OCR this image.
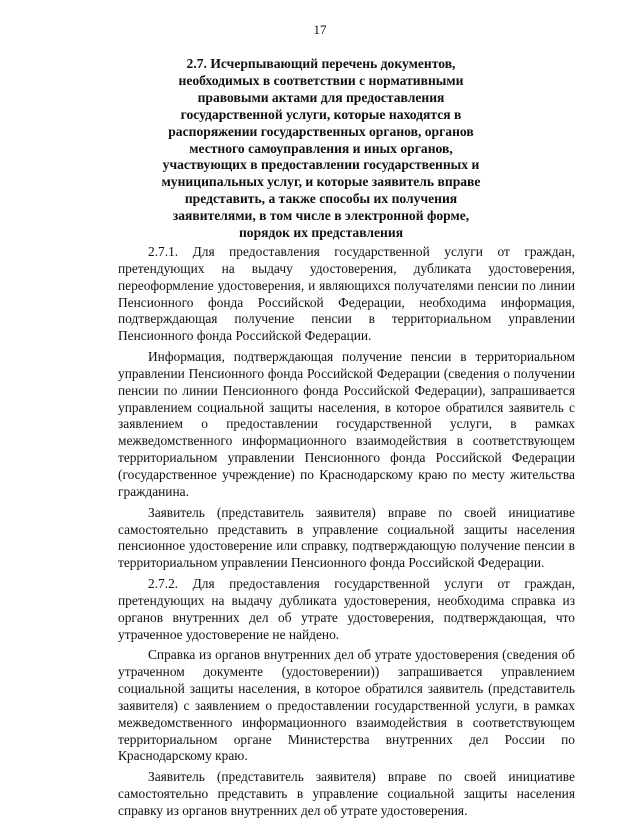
17
2.7. Исчерпывающий перечень документов, необходимых в соответствии с нормативными правовыми актами для предоставления государственной услуги, которые находятся в распоряжении государственных органов, органов местного самоуправления и иных органов, участвующих в предоставлении государственных и муниципальных услуг, и которые заявитель вправе представить, а также способы их получения заявителями, в том числе в электронной форме, порядок их представления

2.7.1. Для предоставления государственной услуги от граждан, претендующих на выдачу удостоверения, дубликата удостоверения, переоформление удостоверения, и являющихся получателями пенсии по линии Пенсионного фонда Российской Федерации, необходима информация, подтверждающая получение пенсии в территориальном управлении Пенсионного фонда Российской Федерации.

Информация, подтверждающая получение пенсии в территориальном управлении Пенсионного фонда Российской Федерации (сведения о получении пенсии по линии Пенсионного фонда Российской Федерации), запрашивается управлением социальной защиты населения, в которое обратился заявитель с заявлением о предоставлении государственной услуги, в рамках межведомственного информационного взаимодействия в соответствующем территориальном управлении Пенсионного фонда Российской Федерации (государственное учреждение) по Краснодарскому краю по месту жительства гражданина.

Заявитель (представитель заявителя) вправе по своей инициативе самостоятельно представить в управление социальной защиты населения пенсионное удостоверение или справку, подтверждающую получение пенсии в территориальном управлении Пенсионного фонда Российской Федерации.

2.7.2. Для предоставления государственной услуги от граждан, претендующих на выдачу дубликата удостоверения, необходима справка из органов внутренних дел об утрате удостоверения, подтверждающая, что утраченное удостоверение не найдено.

Справка из органов внутренних дел об утрате удостоверения (сведения об утраченном документе (удостоверении)) запрашивается управлением социальной защиты населения, в которое обратился заявитель (представитель заявителя) с заявлением о предоставлении государственной услуги, в рамках межведомственного информационного взаимодействия в соответствующем территориальном органе Министерства внутренних дел России по Краснодарскому краю.

Заявитель (представитель заявителя) вправе по своей инициативе самостоятельно представить в управление социальной защиты населения справку из органов внутренних дел об утрате удостоверения.
